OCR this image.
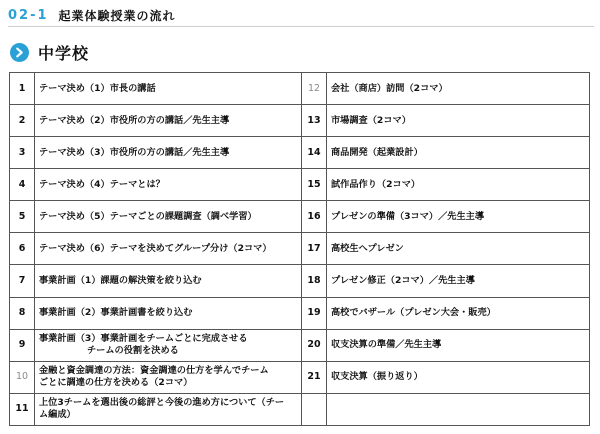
02-1 起業体験授業の流れ
中学校
1	テーマ決め（1）市長の講話	12	会社（商店）訪問（2コマ）
2	テーマ決め（2）市役所の方の講話／先生主導	13	市場調査（2コマ）
3	テーマ決め（3）市役所の方の講話／先生主導	14	商品開発（起業設計）
4	テーマ決め（4）テーマとは？	15	試作品作り（2コマ）
5	テーマ決め（5）テーマごとの課題調査（調べ学習）	16	プレゼンの準備（3コマ）／先生主導
6	テーマ決め（6）テーマを決めてグループ分け（2コマ）	17	高校生へプレゼン
7	事業計画（1）課題の解決策を絞り込む	18	プレゼン修正（2コマ）／先生主導
8	事業計画（2）事業計画書を絞り込む	19	高校でバザール（プレゼン大会・販売）
9	事業計画（3）事業計画をチームごとに完成させる
チームの役割を決める	20	収支決算の準備／先生主導
10	金融と資金調達の方法：資金調達の仕方を学んでチーム
ごとに調達の仕方を決める（2コマ）	21	収支決算（振り返り）
11	上位3チームを選出後の総評と今後の進め方について（チー
ム編成）		
